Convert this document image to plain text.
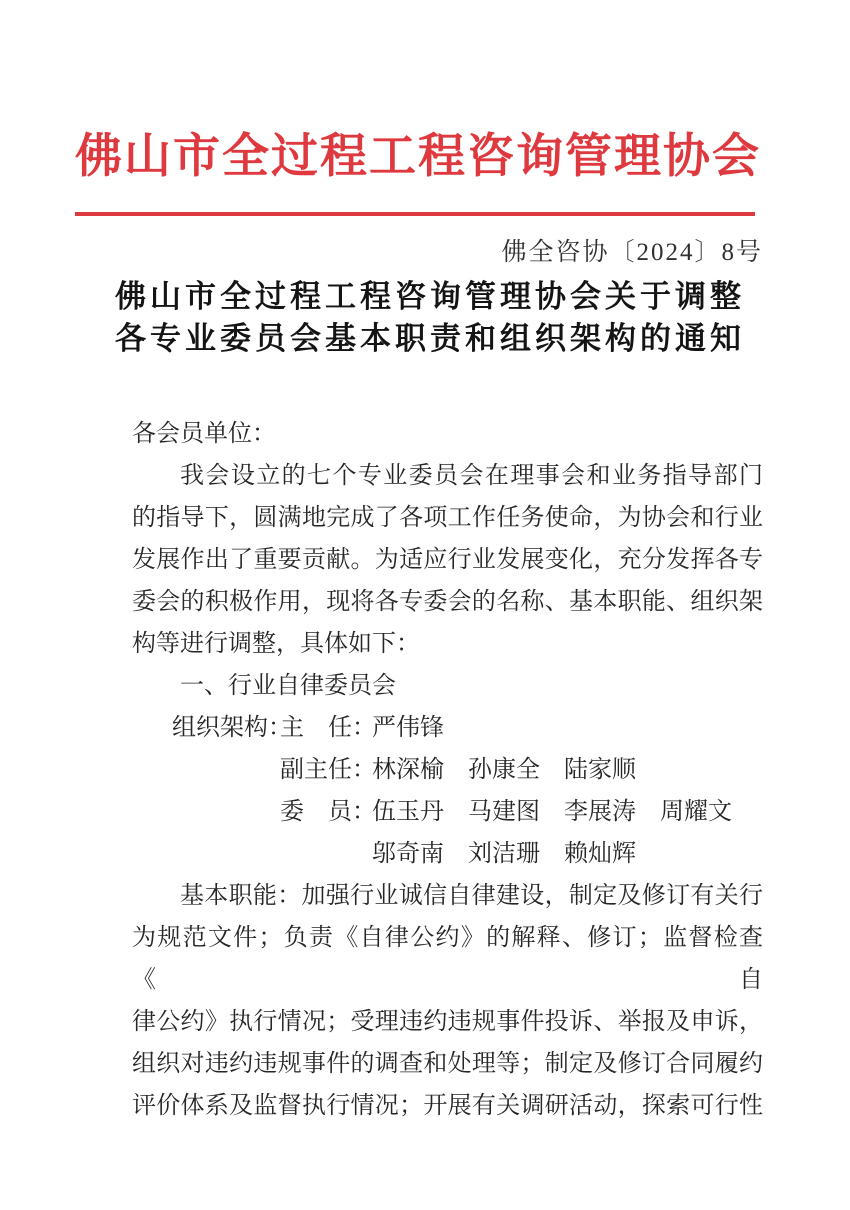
佛山市全过程工程咨询管理协会
佛全咨协〔2024〕8号
佛山市全过程工程咨询管理协会关于调整
各专业委员会基本职责和组织架构的通知

各会员单位：

我会设立的七个专业委员会在理事会和业务指导部门
的指导下，圆满地完成了各项工作任务使命，为协会和行业
发展作出了重要贡献。为适应行业发展变化，充分发挥各专
委会的积极作用，现将各专委会的名称、基本职能、组织架
构等进行调整，具体如下：

一、行业自律委员会

组织架构：
主　任：
严伟锋
副主任：
林深榆　孙康全　陆家顺
委　员：
伍玉丹　马建图　李展涛　周耀文
邬奇南　刘洁珊　赖灿辉
基本职能：加强行业诚信自律建设，制定及修订有关行
为规范文件；负责《自律公约》的解释、修订；监督检查《自
律公约》执行情况；受理违约违规事件投诉、举报及申诉，
组织对违约违规事件的调查和处理等；制定及修订合同履约
评价体系及监督执行情况；开展有关调研活动，探索可行性
